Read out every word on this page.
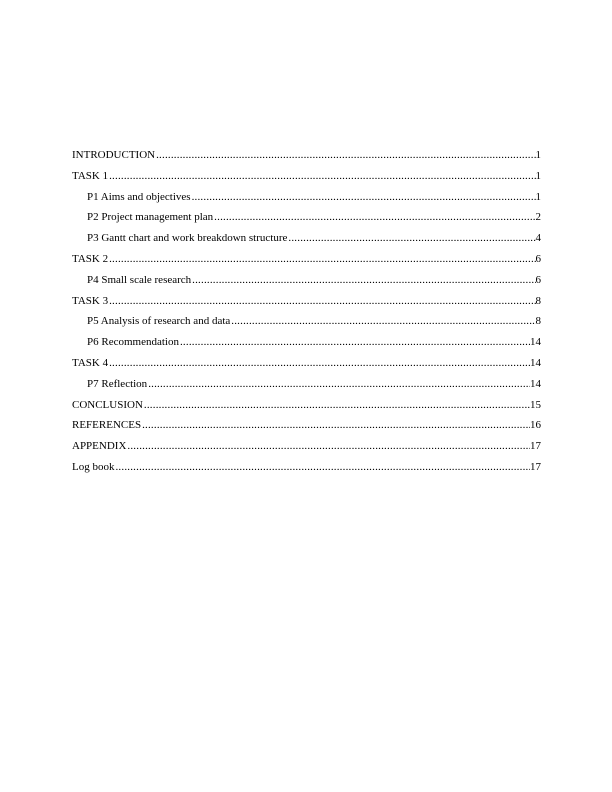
INTRODUCTION .....	1
TASK 1 .....	1
P1 Aims and objectives .....	1
P2 Project management plan .....	2
P3 Gantt chart and work breakdown structure .....	4
TASK 2 .....	6
P4 Small scale research .....	6
TASK 3 .....	8
P5 Analysis of research and data .....	8
P6 Recommendation .....	14
TASK 4 .....	14
P7 Reflection .....	14
CONCLUSION .....	15
REFERENCES .....	16
APPENDIX .....	17
Log book .....	17
